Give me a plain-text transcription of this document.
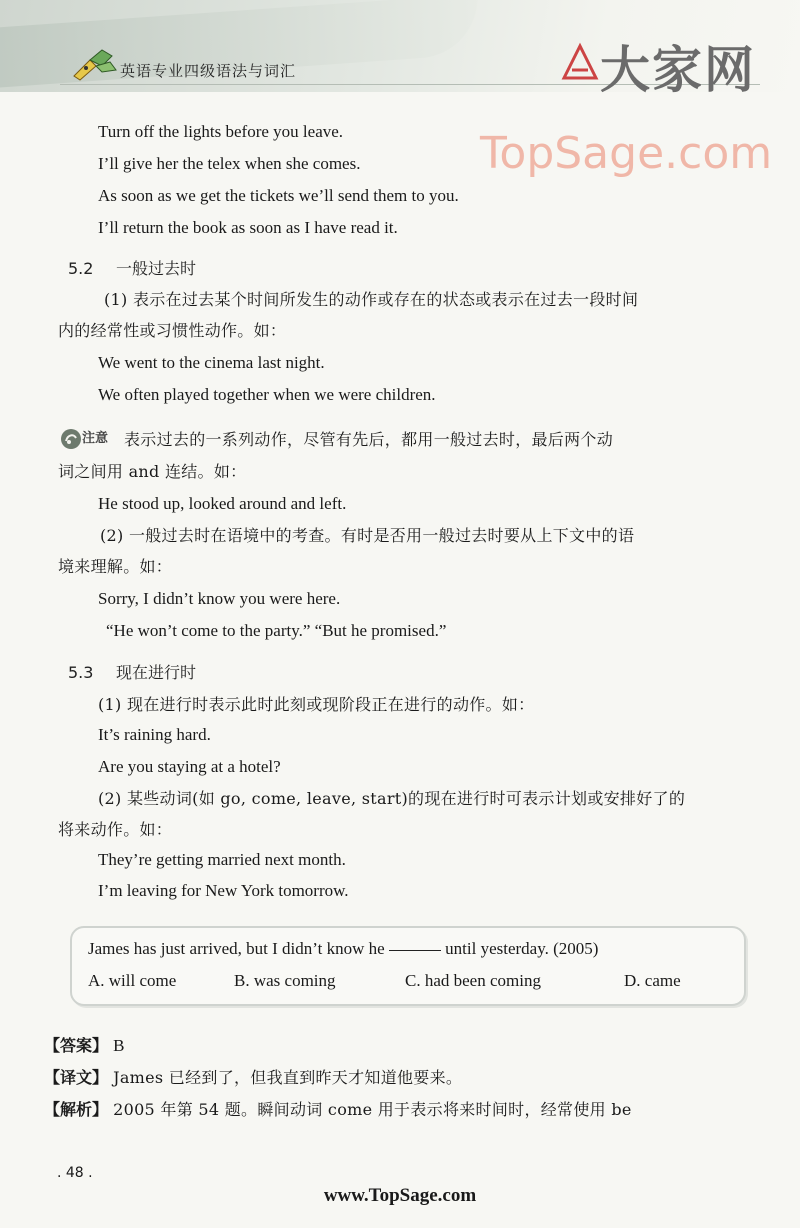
英语专业四级语法与词汇	大家网
TopSage.com
Turn off the lights before you leave.
I’ll give her the telex when she comes.
As soon as we get the tickets we’ll send them to you.
I’ll return the book as soon as I have read it.
5.2 一般过去时
(1) 表示在过去某个时间所发生的动作或存在的状态或表示在过去一段时间
内的经常性或习惯性动作。如：
We went to the cinema last night.
We often played together when we were children.
注意 表示过去的一系列动作，尽管有先后，都用一般过去时，最后两个动
词之间用 and 连结。如：
He stood up, looked around and left.
(2) 一般过去时在语境中的考查。有时是否用一般过去时要从上下文中的语
境来理解。如：
Sorry, I didn’t know you were here.
“He won’t come to the party.” “But he promised.”
5.3 现在进行时
(1) 现在进行时表示此时此刻或现阶段正在进行的动作。如：
It’s raining hard.
Are you staying at a hotel?
(2) 某些动词(如 go, come, leave, start)的现在进行时可表示计划或安排好了的
将来动作。如：
They’re getting married next month.
I’m leaving for New York tomorrow.
James has just arrived, but I didn’t know he	until yesterday. (2005)
A. will come	B. was coming	C. had been coming	D. came
【答案】 B
【译文】 James 已经到了，但我直到昨天才知道他要来。
【解析】 2005 年第 54 题。瞬间动词 come 用于表示将来时间时，经常使用 be
. 48 .
www.TopSage.com
